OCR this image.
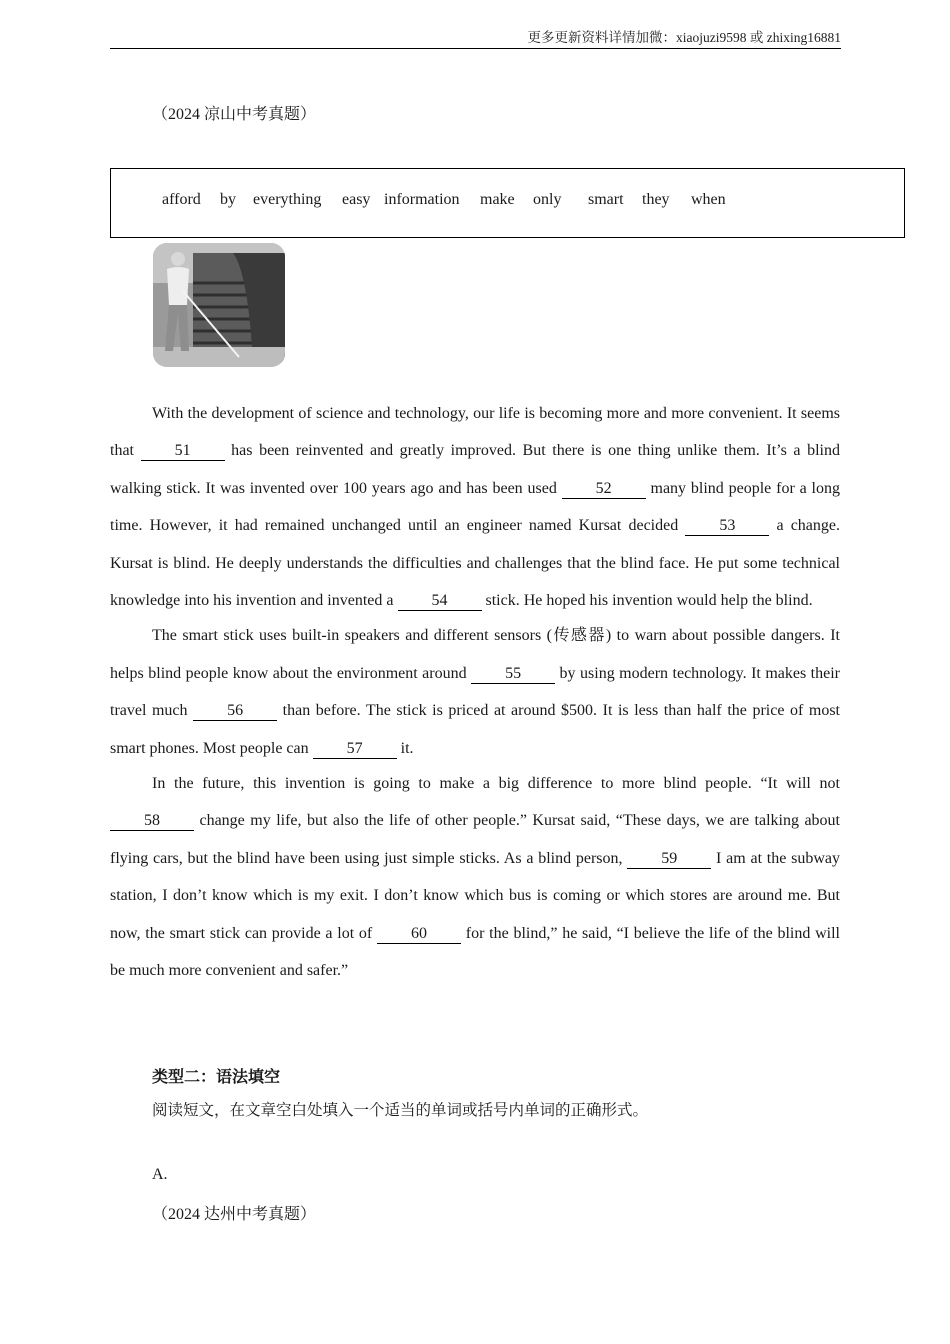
更多更新资料详情加微：xiaojuzi9598 或 zhixing16881
（2024 凉山中考真题）
afford by everything easy information make only smart they when

With the development of science and technology, our life is becoming more and more convenient. It seems that 51 has been reinvented and greatly improved. But there is one thing unlike them. It’s a blind walking stick. It was invented over 100 years ago and has been used 52 many blind people for a long time. However, it had remained unchanged until an engineer named Kursat decided 53 a change. Kursat is blind. He deeply understands the difficulties and challenges that the blind face. He put some technical knowledge into his invention and invented a 54 stick. He hoped his invention would help the blind.

The smart stick uses built-in speakers and different sensors (传感器) to warn about possible dangers. It helps blind people know about the environment around 55 by using modern technology. It makes their travel much 56 than before. The stick is priced at around $500. It is less than half the price of most smart phones. Most people can 57 it.

In the future, this invention is going to make a big difference to more blind people. “It will not 58 change my life, but also the life of other people.” Kursat said, “These days, we are talking about flying cars, but the blind have been using just simple sticks. As a blind person, 59 I am at the subway station, I don’t know which is my exit. I don’t know which bus is coming or which stores are around me. But now, the smart stick can provide a lot of 60 for the blind,” he said, “I believe the life of the blind will be much more convenient and safer.”

类型二：语法填空
阅读短文，在文章空白处填入一个适当的单词或括号内单词的正确形式。
A.
（2024 达州中考真题）
